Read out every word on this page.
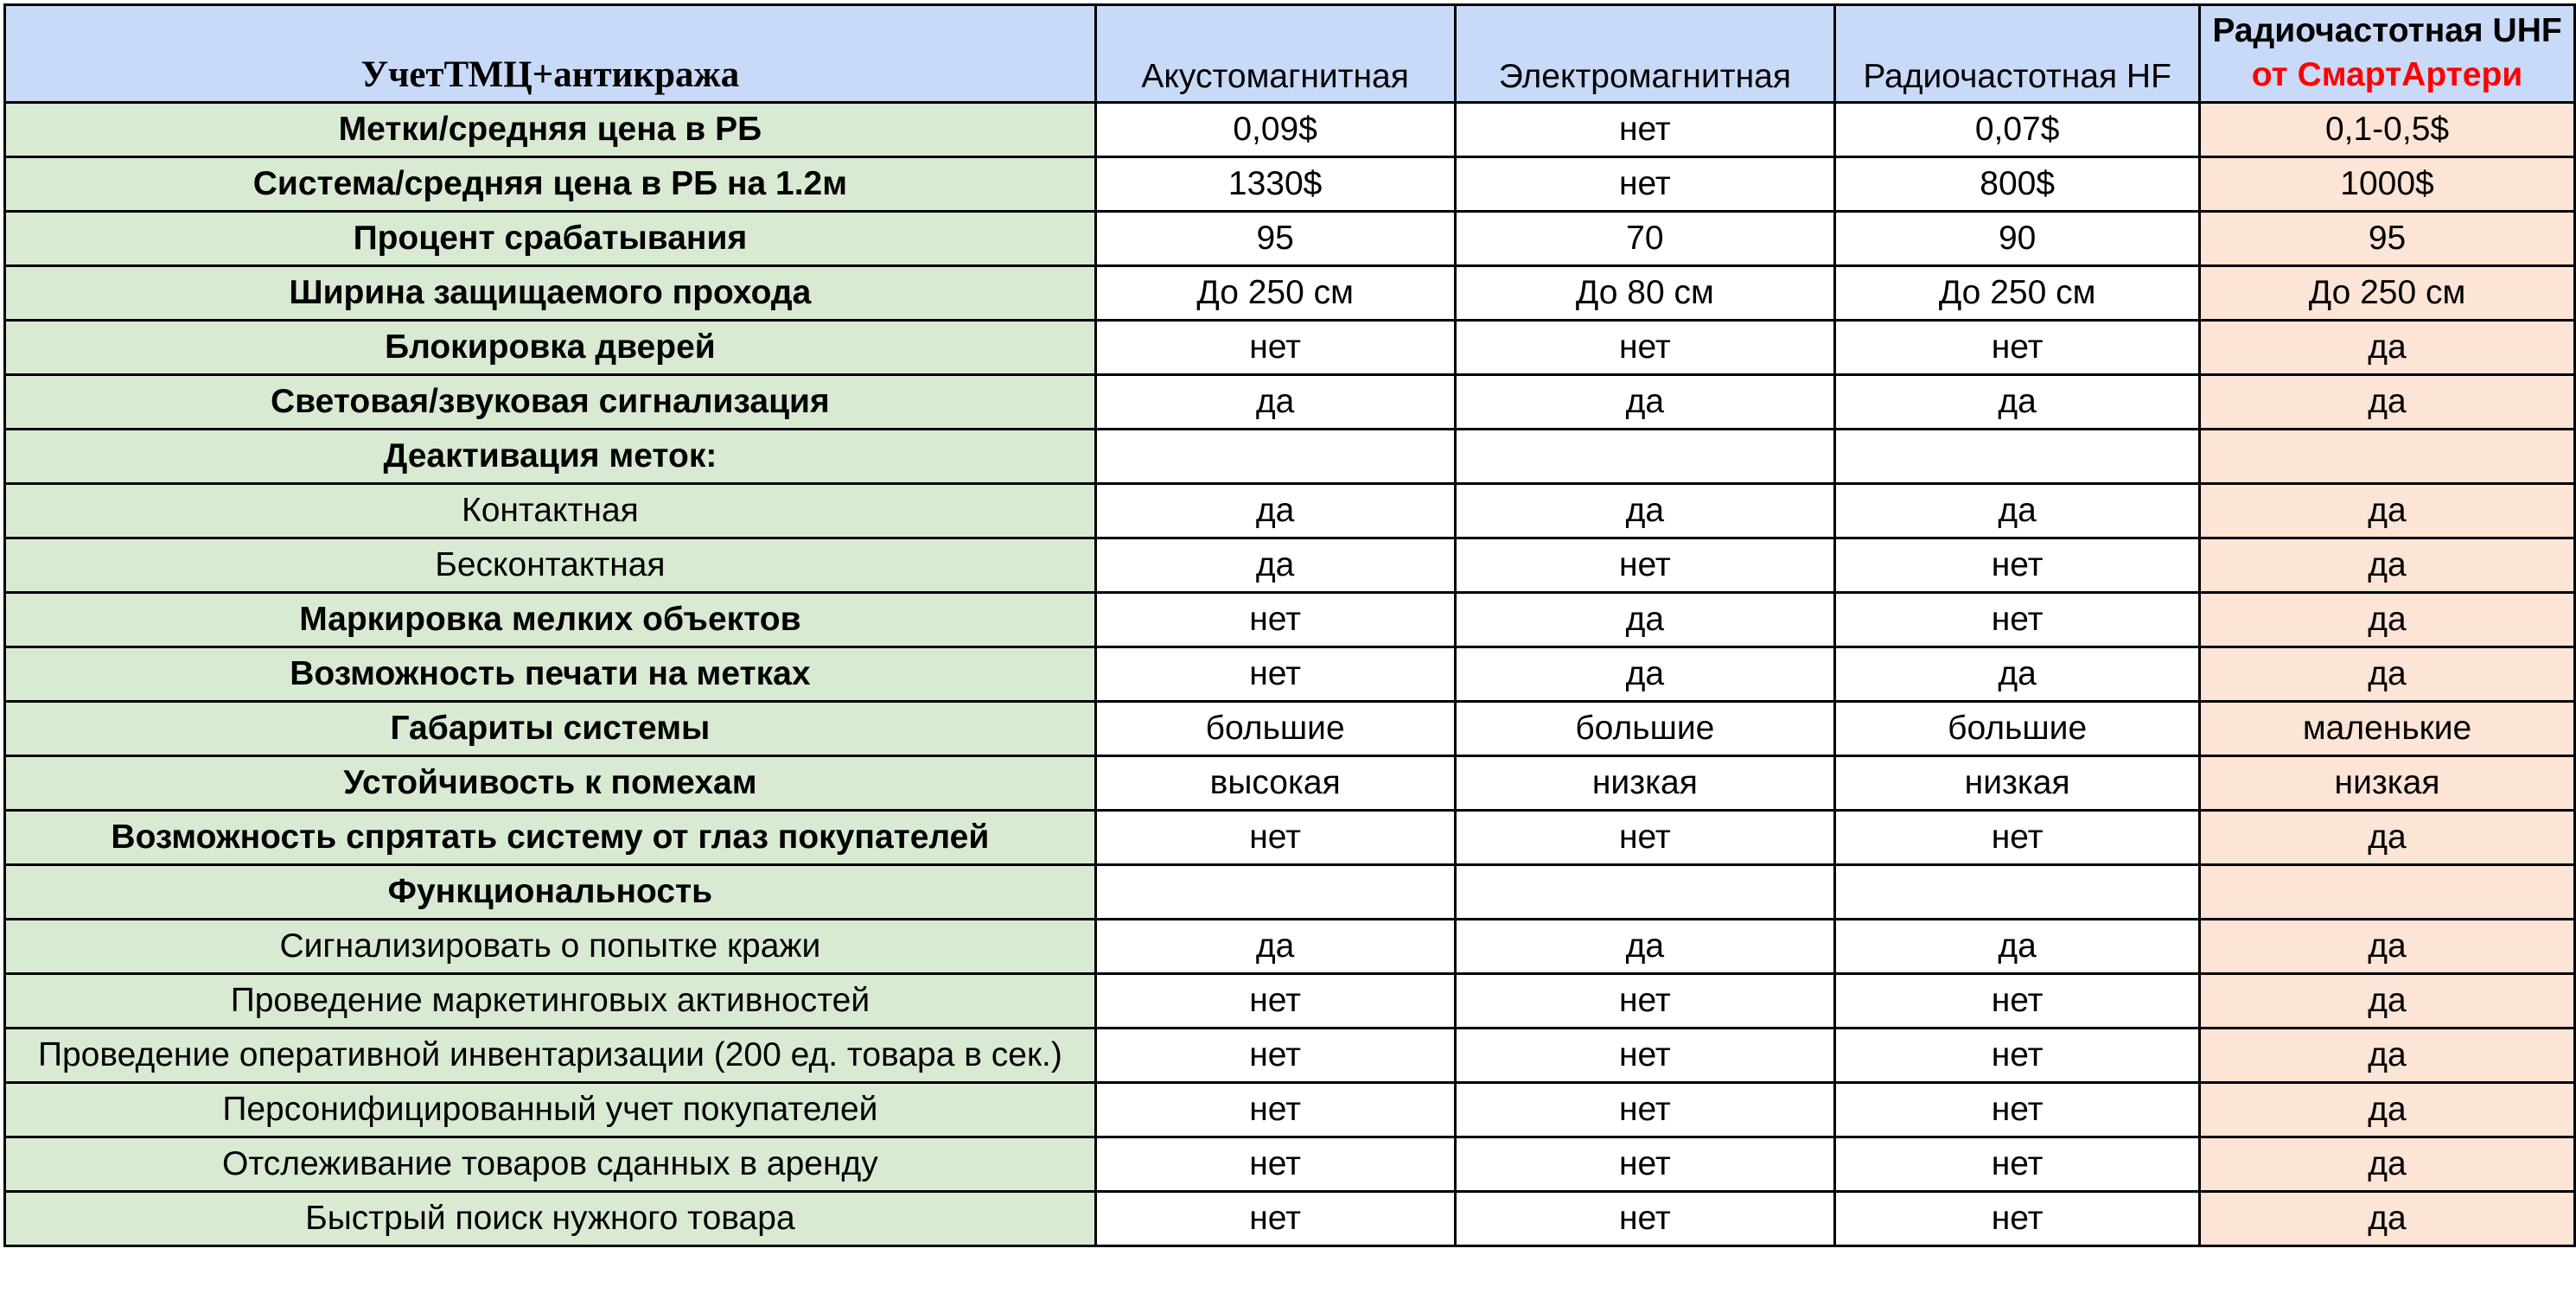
УчетТМЦ+антикража	Акустомагнитная	Электромагнитная	Радиочастотная HF	Радиочастотная UHF
от СмартАртери

Метки/средняя цена в РБ	0,09$	нет	0,07$	0,1-0,5$
Система/средняя цена в РБ на 1.2м	1330$	нет	800$	1000$
Процент срабатывания	95	70	90	95
Ширина защищаемого прохода	До 250 см	До 80 см	До 250 см	До 250 см
Блокировка дверей	нет	нет	нет	да
Световая/звуковая сигнализация	да	да	да	да
Деактивация меток:				
Контактная	да	да	да	да
Бесконтактная	да	нет	нет	да
Маркировка мелких объектов	нет	да	нет	да
Возможность печати на метках	нет	да	да	да
Габариты системы	большие	большие	большие	маленькие
Устойчивость к помехам	высокая	низкая	низкая	низкая
Возможность спрятать систему от глаз покупателей	нет	нет	нет	да
Функциональность				
Сигнализировать о попытке кражи	да	да	да	да
Проведение маркетинговых активностей	нет	нет	нет	да
Проведение оперативной инвентаризации (200 ед. товара в сек.)	нет	нет	нет	да
Персонифицированный учет покупателей	нет	нет	нет	да
Отслеживание товаров сданных в аренду	нет	нет	нет	да
Быстрый поиск нужного товара	нет	нет	нет	да
